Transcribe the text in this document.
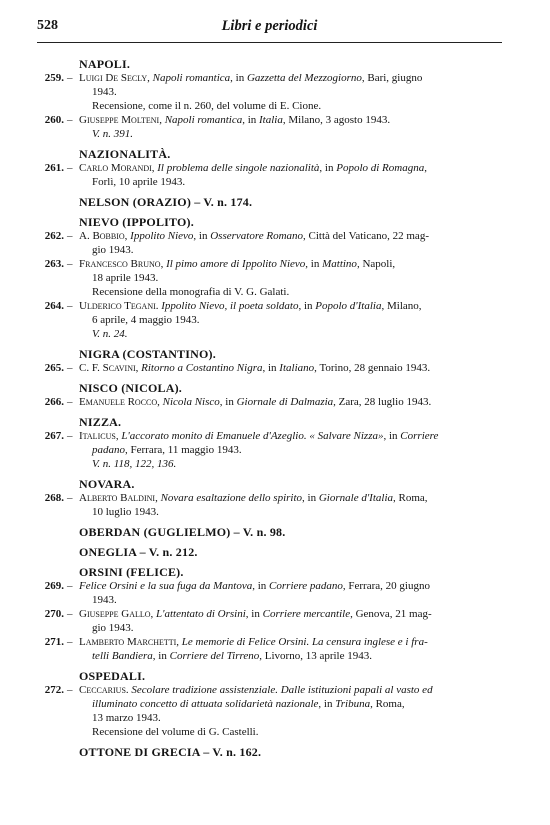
528	Libri e periodici
NAPOLI.
259. – Luigi De Secly, Napoli romantica, in Gazzetta del Mezzogiorno, Bari, giugno
1943.
Recensione, come il n. 260, del volume di E. Cione.
260. – Giuseppe Molteni, Napoli romantica, in Italia, Milano, 3 agosto 1943.
V. n. 391.
NAZIONALITÀ.
261. – Carlo Morandi, Il problema delle singole nazionalità, in Popolo di Romagna,
Forlì, 10 aprile 1943.
NELSON (ORAZIO) – V. n. 174.
NIEVO (IPPOLITO).
262. – A. Bobbio, Ippolito Nievo, in Osservatore Romano, Città del Vaticano, 22 mag-
gio 1943.
263. – Francesco Bruno, Il pimo amore di Ippolito Nievo, in Mattino, Napoli,
18 aprile 1943.
Recensione della monografia di V. G. Galati.
264. – Ulderico Tegani. Ippolito Nievo, il poeta soldato, in Popolo d'Italia, Milano,
6 aprile, 4 maggio 1943.
V. n. 24.
NIGRA (COSTANTINO).
265. – C. F. Scavini, Ritorno a Costantino Nigra, in Italiano, Torino, 28 gennaio 1943.
NISCO (NICOLA).
266. – Emanuele Rocco, Nicola Nisco, in Giornale di Dalmazia, Zara, 28 luglio 1943.
NIZZA.
267. – Italicus, L'accorato monito di Emanuele d'Azeglio. « Salvare Nizza», in Corriere
padano, Ferrara, 11 maggio 1943.
V. n. 118, 122, 136.
NOVARA.
268. – Alberto Baldini, Novara esaltazione dello spirito, in Giornale d'Italia, Roma,
10 luglio 1943.
OBERDAN (GUGLIELMO) – V. n. 98.
ONEGLIA – V. n. 212.
ORSINI (FELICE).
269. – Felice Orsini e la sua fuga da Mantova, in Corriere padano, Ferrara, 20 giugno
1943.
270. – Giuseppe Gallo, L'attentato di Orsini, in Corriere mercantile, Genova, 21 mag-
gio 1943.
271. – Lamberto Marchetti, Le memorie di Felice Orsini. La censura inglese e i fra-
telli Bandiera, in Corriere del Tirreno, Livorno, 13 aprile 1943.
OSPEDALI.
272. – Ceccarius. Secolare tradizione assistenziale. Dalle istituzioni papali al vasto ed
illuminato concetto di attuata solidarietà nazionale, in Tribuna, Roma,
13 marzo 1943.
Recensione del volume di G. Castelli.
OTTONE DI GRECIA – V. n. 162.
